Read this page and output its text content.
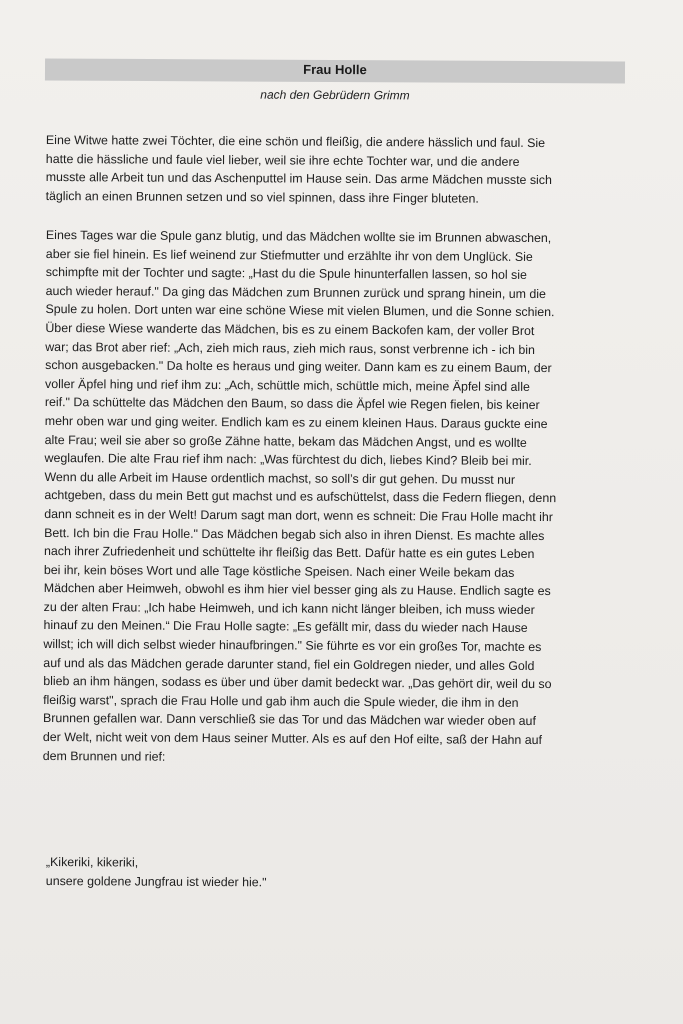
Frau Holle
nach den Gebrüdern Grimm
Eine Witwe hatte zwei Töchter, die eine schön und fleißig, die andere hässlich und faul. Sie
hatte die hässliche und faule viel lieber, weil sie ihre echte Tochter war, und die andere
musste alle Arbeit tun und das Aschenputtel im Hause sein. Das arme Mädchen musste sich
täglich an einen Brunnen setzen und so viel spinnen, dass ihre Finger bluteten.
Eines Tages war die Spule ganz blutig, und das Mädchen wollte sie im Brunnen abwaschen,
aber sie fiel hinein. Es lief weinend zur Stiefmutter und erzählte ihr von dem Unglück. Sie
schimpfte mit der Tochter und sagte: „Hast du die Spule hinunterfallen lassen, so hol sie
auch wieder herauf." Da ging das Mädchen zum Brunnen zurück und sprang hinein, um die
Spule zu holen. Dort unten war eine schöne Wiese mit vielen Blumen, und die Sonne schien.
Über diese Wiese wanderte das Mädchen, bis es zu einem Backofen kam, der voller Brot
war; das Brot aber rief: „Ach, zieh mich raus, zieh mich raus, sonst verbrenne ich - ich bin
schon ausgebacken." Da holte es heraus und ging weiter. Dann kam es zu einem Baum, der
voller Äpfel hing und rief ihm zu: „Ach, schüttle mich, schüttle mich, meine Äpfel sind alle
reif." Da schüttelte das Mädchen den Baum, so dass die Äpfel wie Regen fielen, bis keiner
mehr oben war und ging weiter. Endlich kam es zu einem kleinen Haus. Daraus guckte eine
alte Frau; weil sie aber so große Zähne hatte, bekam das Mädchen Angst, und es wollte
weglaufen. Die alte Frau rief ihm nach: „Was fürchtest du dich, liebes Kind? Bleib bei mir.
Wenn du alle Arbeit im Hause ordentlich machst, so soll’s dir gut gehen. Du musst nur
achtgeben, dass du mein Bett gut machst und es aufschüttelst, dass die Federn fliegen, denn
dann schneit es in der Welt! Darum sagt man dort, wenn es schneit: Die Frau Holle macht ihr
Bett. Ich bin die Frau Holle." Das Mädchen begab sich also in ihren Dienst. Es machte alles
nach ihrer Zufriedenheit und schüttelte ihr fleißig das Bett. Dafür hatte es ein gutes Leben
bei ihr, kein böses Wort und alle Tage köstliche Speisen. Nach einer Weile bekam das
Mädchen aber Heimweh, obwohl es ihm hier viel besser ging als zu Hause. Endlich sagte es
zu der alten Frau: „Ich habe Heimweh, und ich kann nicht länger bleiben, ich muss wieder
hinauf zu den Meinen.“ Die Frau Holle sagte: „Es gefällt mir, dass du wieder nach Hause
willst; ich will dich selbst wieder hinaufbringen." Sie führte es vor ein großes Tor, machte es
auf und als das Mädchen gerade darunter stand, fiel ein Goldregen nieder, und alles Gold
blieb an ihm hängen, sodass es über und über damit bedeckt war. „Das gehört dir, weil du so
fleißig warst", sprach die Frau Holle und gab ihm auch die Spule wieder, die ihm in den
Brunnen gefallen war. Dann verschließ sie das Tor und das Mädchen war wieder oben auf
der Welt, nicht weit von dem Haus seiner Mutter. Als es auf den Hof eilte, saß der Hahn auf
dem Brunnen und rief:
„Kikeriki, kikeriki,
unsere goldene Jungfrau ist wieder hie."
